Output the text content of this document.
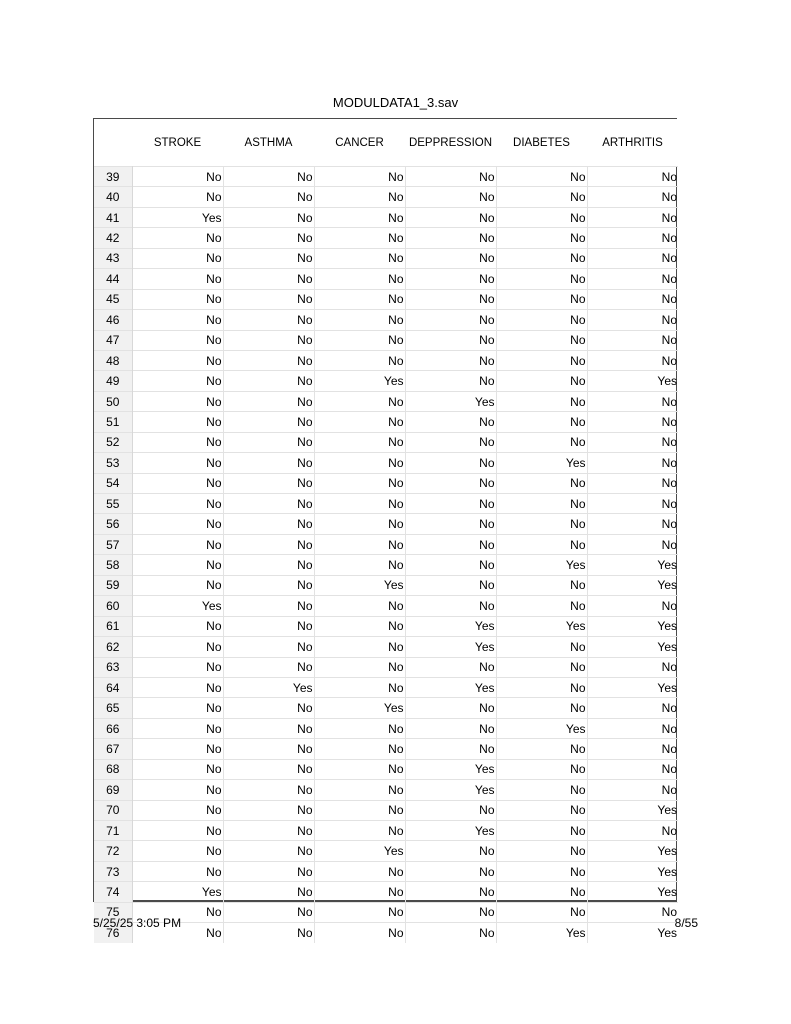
MODULDATA1_3.sav
	STROKE	ASTHMA	CANCER	DEPPRESSION	DIABETES	ARTHRITIS
39	No	No	No	No	No	No
40	No	No	No	No	No	No
41	Yes	No	No	No	No	No
42	No	No	No	No	No	No
43	No	No	No	No	No	No
44	No	No	No	No	No	No
45	No	No	No	No	No	No
46	No	No	No	No	No	No
47	No	No	No	No	No	No
48	No	No	No	No	No	No
49	No	No	Yes	No	No	Yes
50	No	No	No	Yes	No	No
51	No	No	No	No	No	No
52	No	No	No	No	No	No
53	No	No	No	No	Yes	No
54	No	No	No	No	No	No
55	No	No	No	No	No	No
56	No	No	No	No	No	No
57	No	No	No	No	No	No
58	No	No	No	No	Yes	Yes
59	No	No	Yes	No	No	Yes
60	Yes	No	No	No	No	No
61	No	No	No	Yes	Yes	Yes
62	No	No	No	Yes	No	Yes
63	No	No	No	No	No	No
64	No	Yes	No	Yes	No	Yes
65	No	No	Yes	No	No	No
66	No	No	No	No	Yes	No
67	No	No	No	No	No	No
68	No	No	No	Yes	No	No
69	No	No	No	Yes	No	No
70	No	No	No	No	No	Yes
71	No	No	No	Yes	No	No
72	No	No	Yes	No	No	Yes
73	No	No	No	No	No	Yes
74	Yes	No	No	No	No	Yes
75	No	No	No	No	No	No
76	No	No	No	No	Yes	Yes
5/25/25 3:05 PM	8/55
